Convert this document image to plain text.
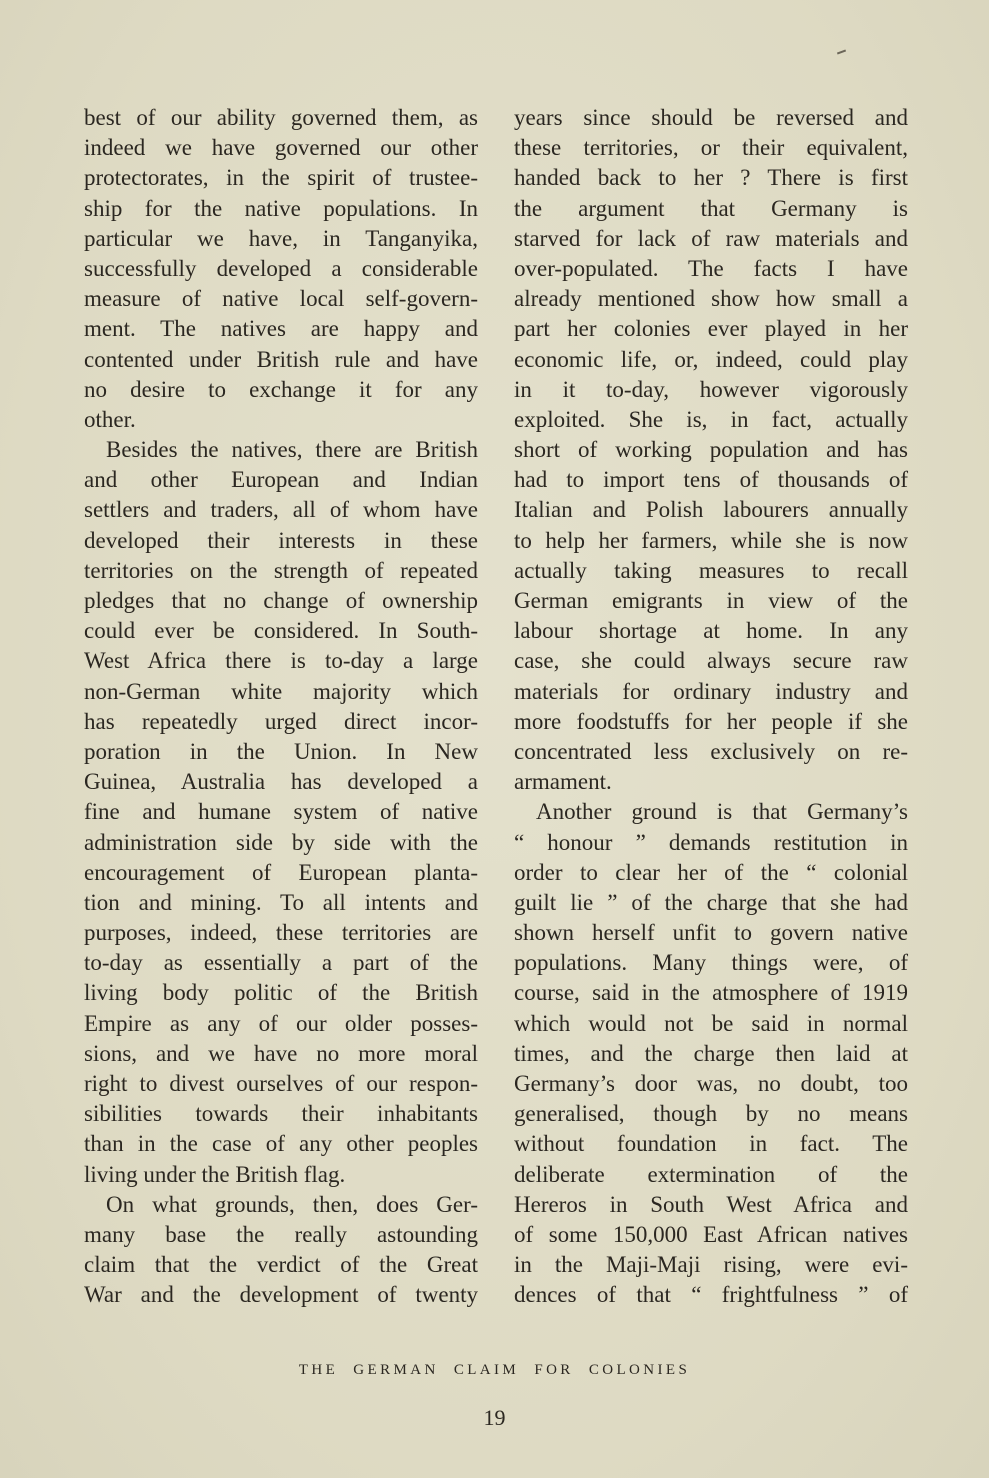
best of our ability governed them, as
indeed we have governed our other
protectorates, in the spirit of trustee-
ship for the native populations. In
particular we have, in Tanganyika,
successfully developed a considerable
measure of native local self-govern-
ment. The natives are happy and
contented under British rule and have
no desire to exchange it for any
other.
Besides the natives, there are British
and other European and Indian
settlers and traders, all of whom have
developed their interests in these
territories on the strength of repeated
pledges that no change of ownership
could ever be considered. In South-
West Africa there is to-day a large
non-German white majority which
has repeatedly urged direct incor-
poration in the Union. In New
Guinea, Australia has developed a
fine and humane system of native
administration side by side with the
encouragement of European planta-
tion and mining. To all intents and
purposes, indeed, these territories are
to-day as essentially a part of the
living body politic of the British
Empire as any of our older posses-
sions, and we have no more moral
right to divest ourselves of our respon-
sibilities towards their inhabitants
than in the case of any other peoples
living under the British flag.
On what grounds, then, does Ger-
many base the really astounding
claim that the verdict of the Great
War and the development of twenty
years since should be reversed and
these territories, or their equivalent,
handed back to her ? There is first
the argument that Germany is
starved for lack of raw materials and
over-populated. The facts I have
already mentioned show how small a
part her colonies ever played in her
economic life, or, indeed, could play
in it to-day, however vigorously
exploited. She is, in fact, actually
short of working population and has
had to import tens of thousands of
Italian and Polish labourers annually
to help her farmers, while she is now
actually taking measures to recall
German emigrants in view of the
labour shortage at home. In any
case, she could always secure raw
materials for ordinary industry and
more foodstuffs for her people if she
concentrated less exclusively on re-
armament.
Another ground is that Germany’s
“ honour ” demands restitution in
order to clear her of the “ colonial
guilt lie ” of the charge that she had
shown herself unfit to govern native
populations. Many things were, of
course, said in the atmosphere of 1919
which would not be said in normal
times, and the charge then laid at
Germany’s door was, no doubt, too
generalised, though by no means
without foundation in fact. The
deliberate extermination of the
Hereros in South West Africa and
of some 150,000 East African natives
in the Maji-Maji rising, were evi-
dences of that “ frightfulness ” of
THE GERMAN CLAIM FOR COLONIES
19
